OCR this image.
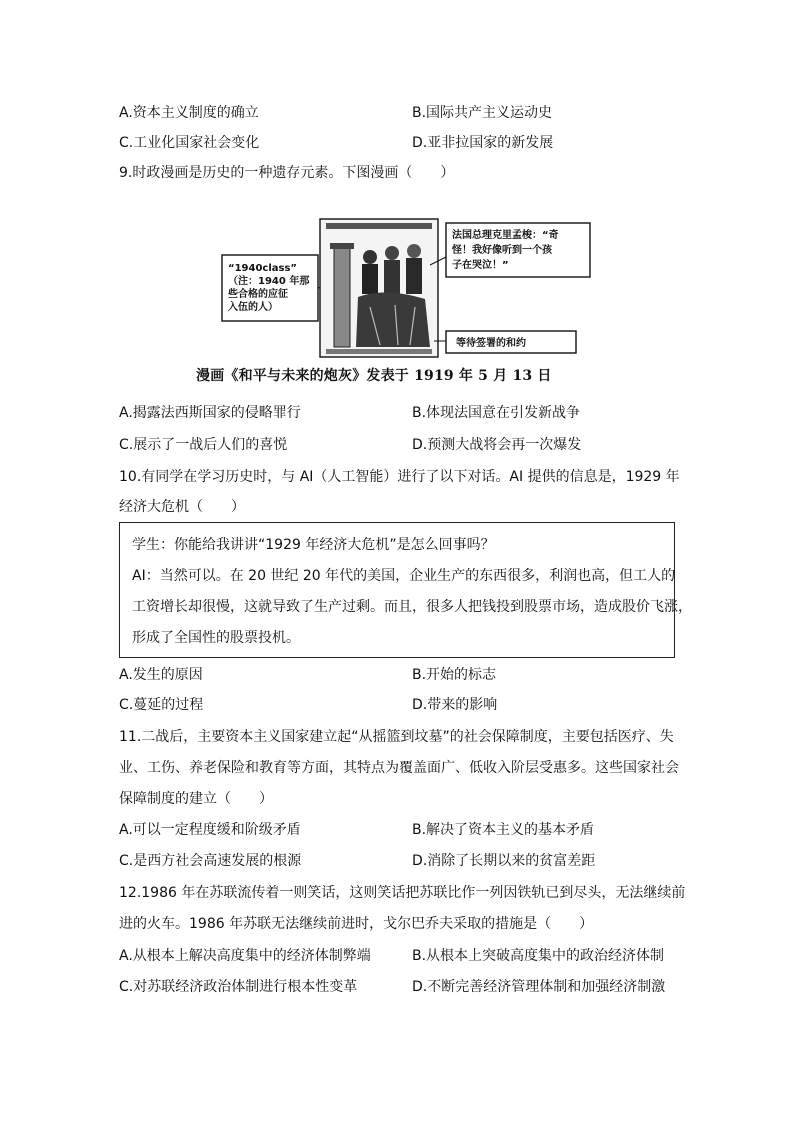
A.资本主义制度的确立	B.国际共产主义运动史
C.工业化国家社会变化	D.亚非拉国家的新发展
9.时政漫画是历史的一种遗存元素。下图漫画（　　）
“1940class”
（注：1940 年那
些合格的应征
入伍的人）
法国总理克里孟梭：“奇
怪！我好像听到一个孩
子在哭泣！”
等待签署的和约
漫画《和平与未来的炮灰》发表于 1919 年 5 月 13 日
A.揭露法西斯国家的侵略罪行	B.体现法国意在引发新战争
C.展示了一战后人们的喜悦	D.预测大战将会再一次爆发
10.有同学在学习历史时，与 AI（人工智能）进行了以下对话。AI 提供的信息是，1929 年
经济大危机（　　）
学生：你能给我讲讲“1929 年经济大危机”是怎么回事吗？
AI：当然可以。在 20 世纪 20 年代的美国，企业生产的东西很多，利润也高，但工人的
工资增长却很慢，这就导致了生产过剩。而且，很多人把钱投到股票市场，造成股价飞涨，
形成了全国性的股票投机。
A.发生的原因	B.开始的标志
C.蔓延的过程	D.带来的影响
11.二战后，主要资本主义国家建立起“从摇篮到坟墓”的社会保障制度，主要包括医疗、失
业、工伤、养老保险和教育等方面，其特点为覆盖面广、低收入阶层受惠多。这些国家社会
保障制度的建立（　　）
A.可以一定程度缓和阶级矛盾	B.解决了资本主义的基本矛盾
C.是西方社会高速发展的根源	D.消除了长期以来的贫富差距
12.1986 年在苏联流传着一则笑话，这则笑话把苏联比作一列因铁轨已到尽头，无法继续前
进的火车。1986 年苏联无法继续前进时，戈尔巴乔夫采取的措施是（　　）
A.从根本上解决高度集中的经济体制弊端	B.从根本上突破高度集中的政治经济体制
C.对苏联经济政治体制进行根本性变革	D.不断完善经济管理体制和加强经济制激
